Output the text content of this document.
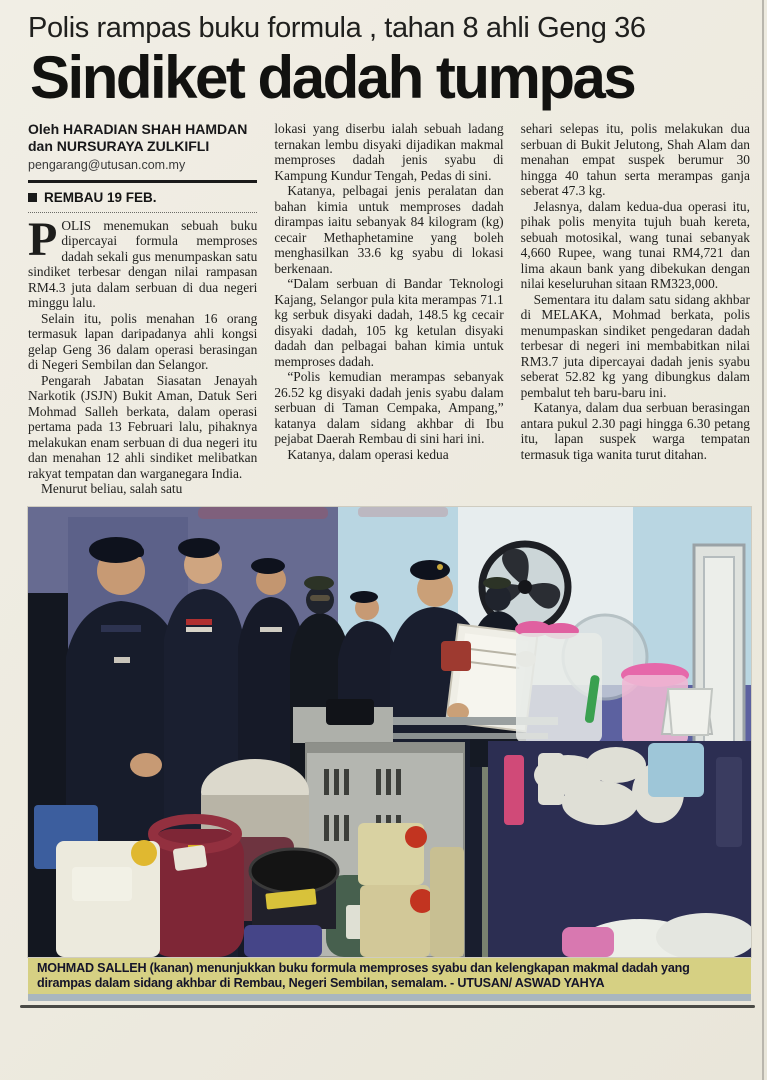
Polis rampas buku formula , tahan 8 ahli Geng 36
Sindiket dadah tumpas
Oleh HARADIAN SHAH HAMDAN
dan NURSURAYA ZULKIFLI
pengarang@utusan.com.my
REMBAU 19 FEB.

POLIS menemukan sebuah buku dipercayai formula memproses dadah sekali gus menumpaskan satu sindiket terbesar dengan nilai rampasan RM4.3 juta dalam serbuan di dua negeri minggu lalu.

Selain itu, polis menahan 16 orang termasuk lapan daripadanya ahli kongsi gelap Geng 36 dalam operasi berasingan di Negeri Sembilan dan Selangor.

Pengarah Jabatan Siasatan Jenayah Narkotik (JSJN) Bukit Aman, Datuk Seri Mohmad Salleh berkata, dalam operasi pertama pada 13 Februari lalu, pihaknya melakukan enam serbuan di dua negeri itu dan menahan 12 ahli sindiket melibatkan rakyat tempatan dan warganegara India.

Menurut beliau, salah satu

lokasi yang diserbu ialah sebuah ladang ternakan lembu disyaki dijadikan makmal memproses dadah jenis syabu di Kampung Kundur Tengah, Pedas di sini.

Katanya, pelbagai jenis peralatan dan bahan kimia untuk memproses dadah dirampas iaitu sebanyak 84 kilogram (kg) cecair Methaphetamine yang boleh menghasilkan 33.6 kg syabu di lokasi berkenaan.

“Dalam serbuan di Bandar Teknologi Kajang, Selangor pula kita merampas 71.1 kg serbuk disyaki dadah, 148.5 kg cecair disyaki dadah, 105 kg ketulan disyaki dadah dan pelbagai bahan kimia untuk memproses dadah.

“Polis kemudian merampas sebanyak 26.52 kg disyaki dadah jenis syabu dalam serbuan di Taman Cempaka, Ampang,” katanya dalam sidang akhbar di Ibu pejabat Daerah Rembau di sini hari ini.

Katanya, dalam operasi kedua

sehari selepas itu, polis melakukan dua serbuan di Bukit Jelutong, Shah Alam dan menahan empat suspek berumur 30 hingga 40 tahun serta merampas ganja seberat 47.3 kg.

Jelasnya, dalam kedua-dua operasi itu, pihak polis menyita tujuh buah kereta, sebuah motosikal, wang tunai sebanyak 4,660 Rupee, wang tunai RM4,721 dan lima akaun bank yang dibekukan dengan nilai keseluruhan sitaan RM323,000.

Sementara itu dalam satu sidang akhbar di MELAKA, Mohmad berkata, polis menumpaskan sindiket pengedaran dadah terbesar di negeri ini membabitkan nilai RM3.7 juta dipercayai dadah jenis syabu seberat 52.82 kg yang dibungkus dalam pembalut teh baru-baru ini.

Katanya, dalam dua serbuan berasingan antara pukul 2.30 pagi hingga 6.30 petang itu, lapan suspek warga tempatan termasuk tiga wanita turut ditahan.

MOHMAD SALLEH (kanan) menunjukkan buku formula memproses syabu dan kelengkapan makmal dadah yang dirampas dalam sidang akhbar di Rembau, Negeri Sembilan, semalam. - UTUSAN/ ASWAD YAHYA
